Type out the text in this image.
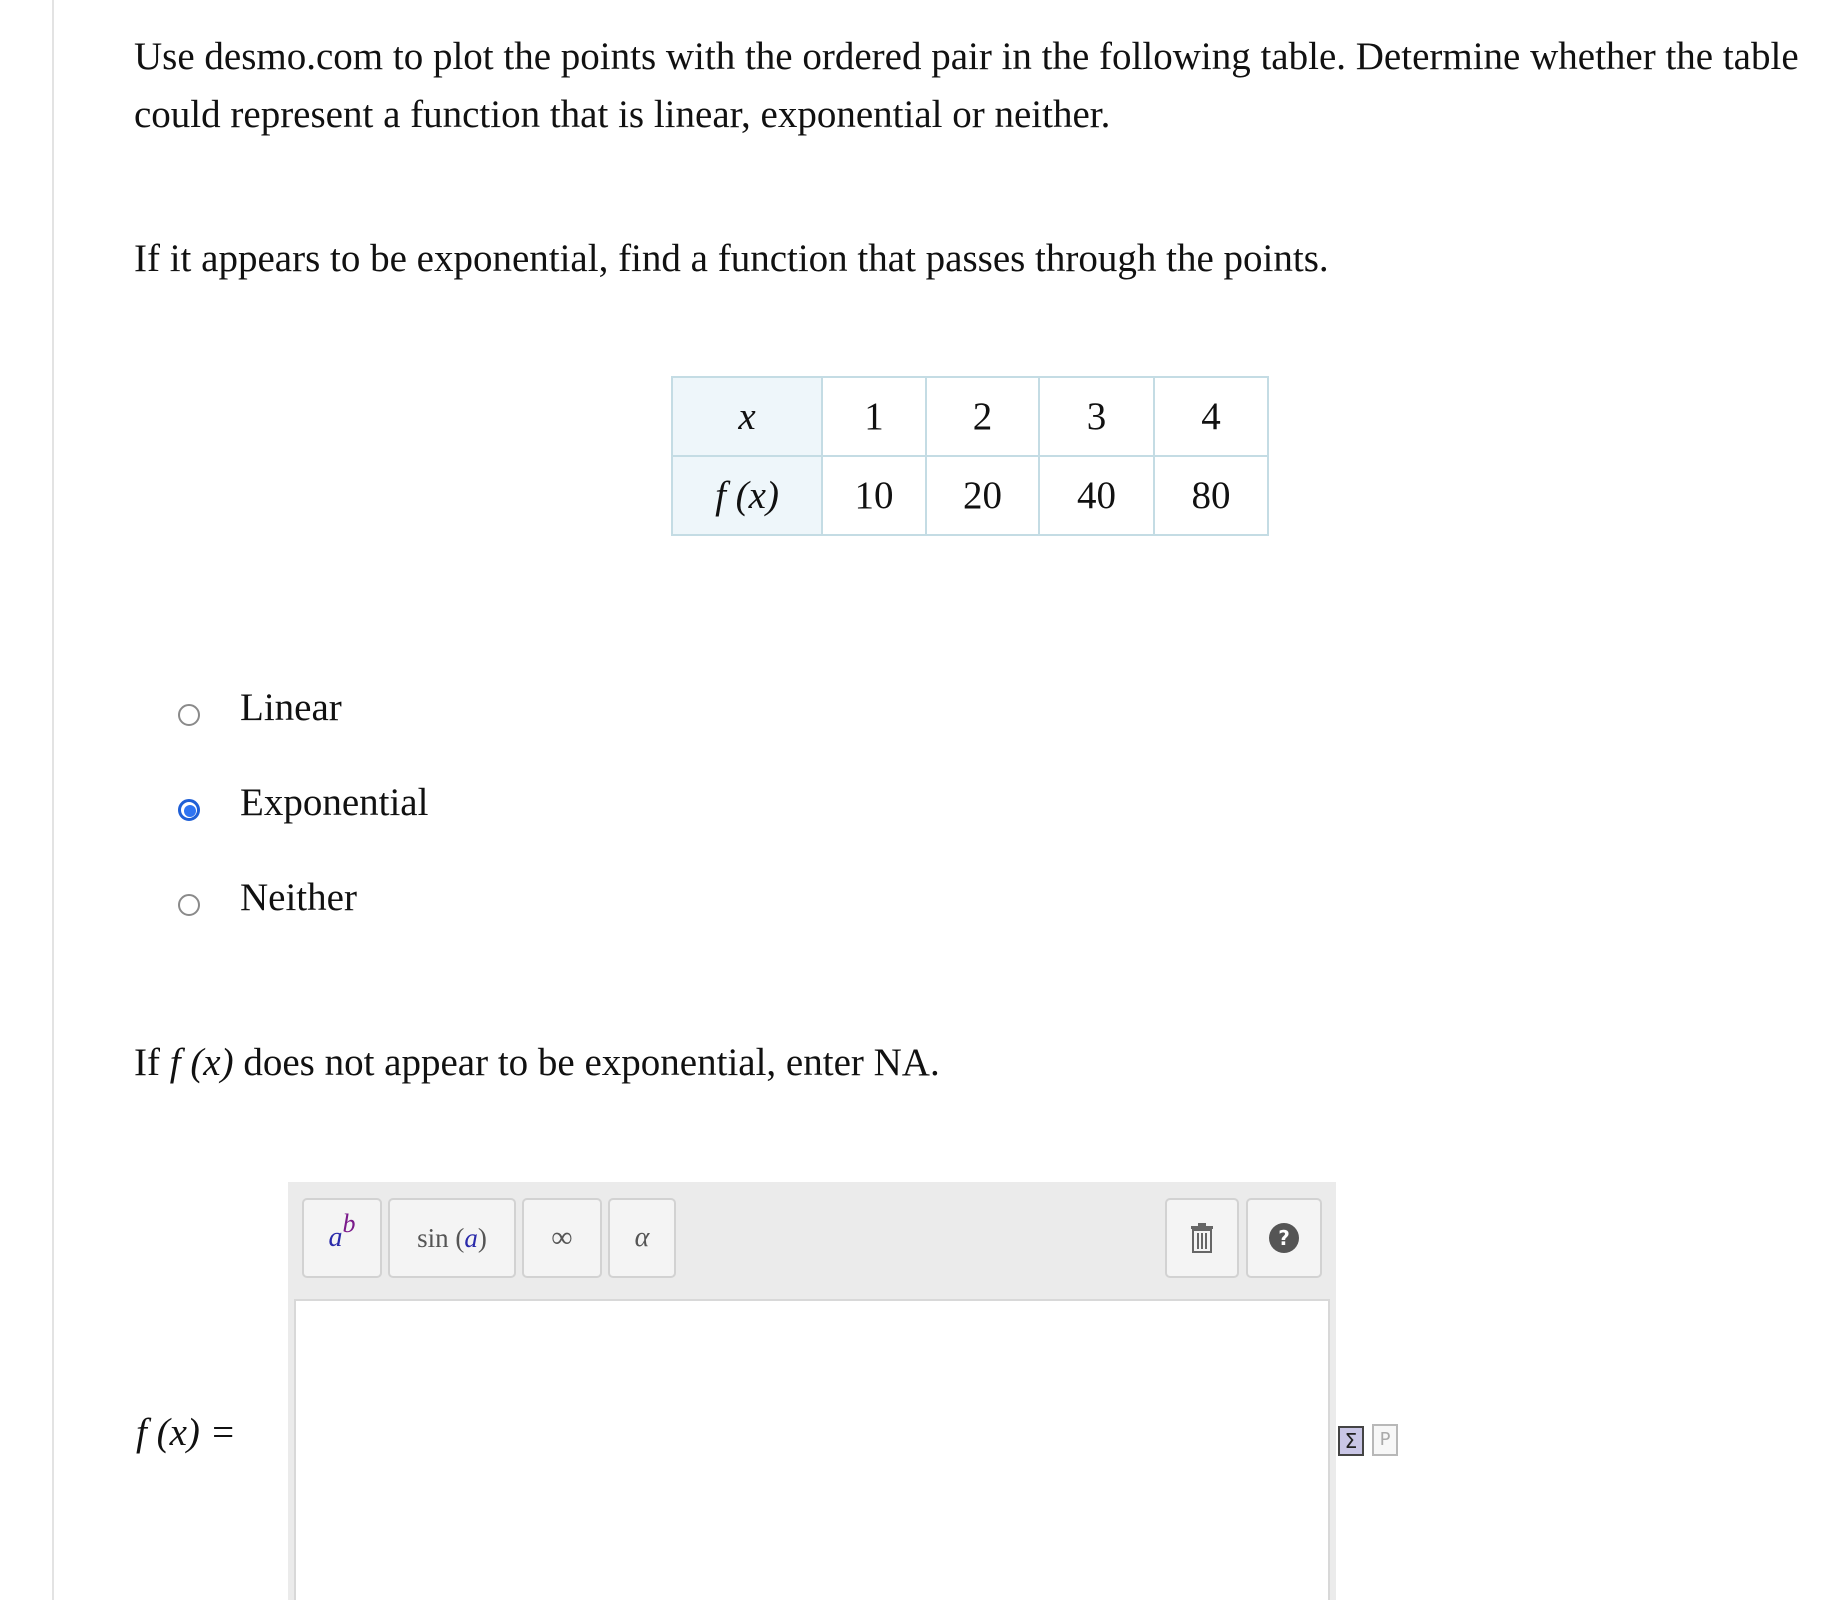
Use desmo.com to plot the points with the ordered pair in the following table. Determine whether the table could represent a function that is linear, exponential or neither.

If it appears to be exponential, find a function that passes through the points.

x	1	2	3	4
f (x)	10	20	40	80
Linear
Exponential
Neither

If f (x) does not appear to be exponential, enter NA.

a b sin ( a ) ∞ α	?

f (x) =	Σ	P
